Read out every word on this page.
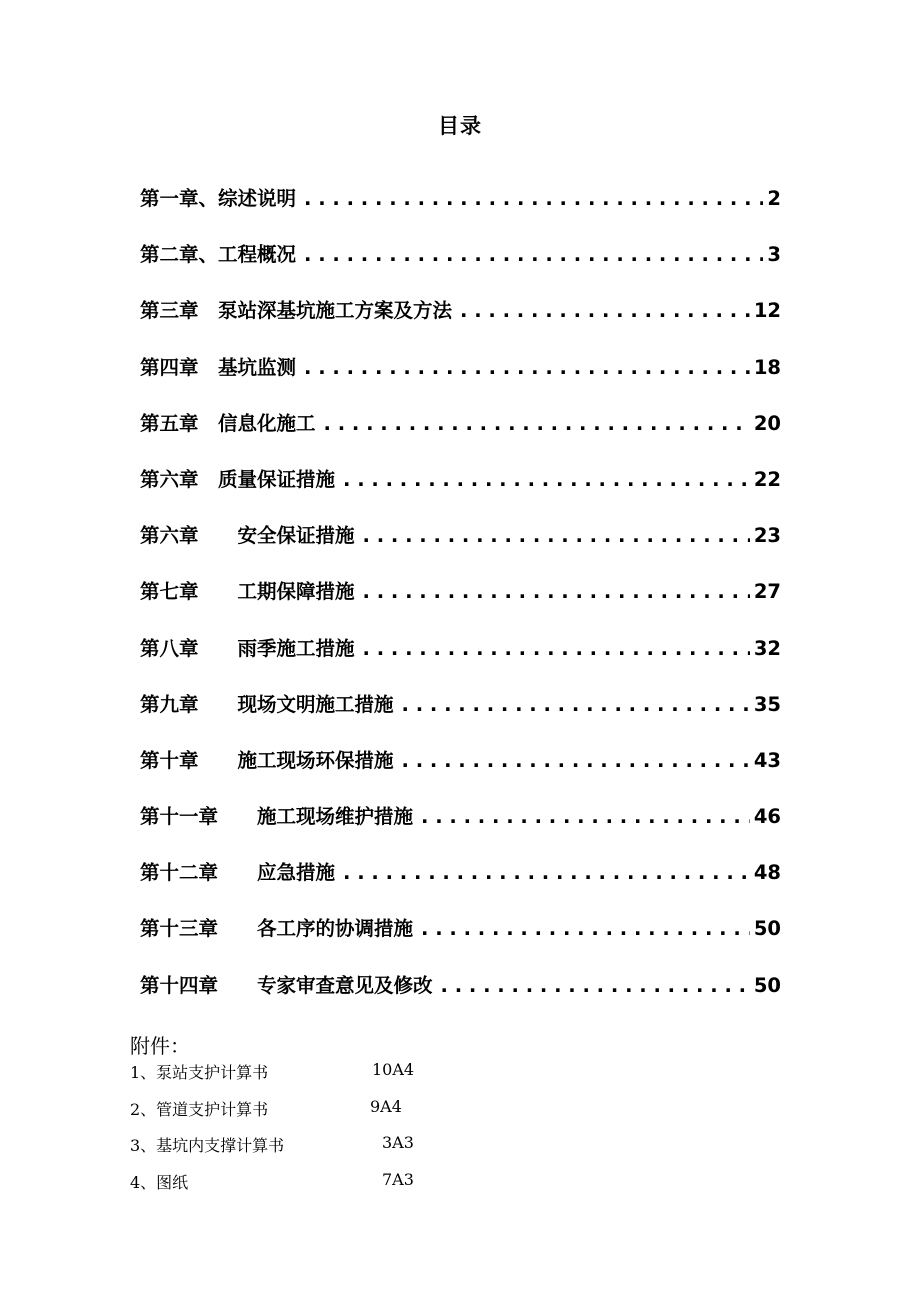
目录
第一章、综述说明 . . .	2
第二章、工程概况 . . .	3
第三章　泵站深基坑施工方案及方法 . . .	12
第四章　基坑监测 . . .	18
第五章　信息化施工 . . .	20
第六章　质量保证措施 . . .	22
第六章　　安全保证措施 . . .	23
第七章　　工期保障措施 . . .	27
第八章　　雨季施工措施 . . .	32
第九章　　现场文明施工措施 . . .	35
第十章　　施工现场环保措施 . . .	43
第十一章　　施工现场维护措施 . . .	46
第十二章　　应急措施 . . .	48
第十三章　　各工序的协调措施 . . .	50
第十四章　　专家审查意见及修改 . . .	50
附件：
1、泵站支护计算书	10A4
2、管道支护计算书	9A4
3、基坑内支撑计算书	3A3
4、图纸	7A3
